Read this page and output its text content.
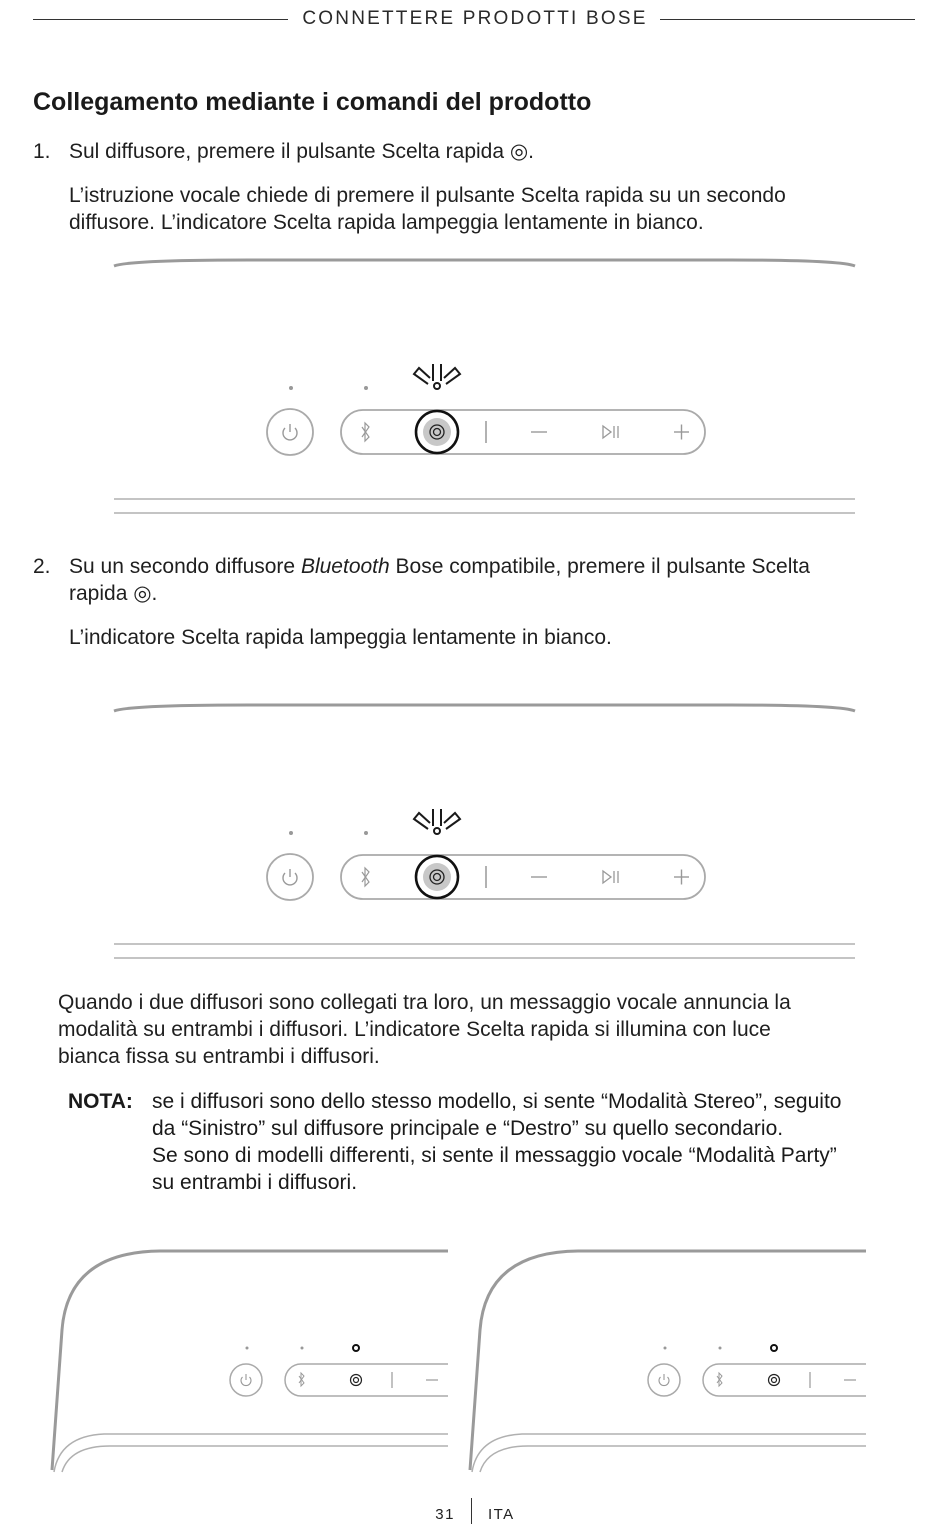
CONNETTERE PRODOTTI BOSE
Collegamento mediante i comandi del prodotto
1. Sul diffusore, premere il pulsante Scelta rapida ◎.

L’istruzione vocale chiede di premere il pulsante Scelta rapida su un secondo

diffusore. L’indicatore Scelta rapida lampeggia lentamente in bianco.

2. Su un secondo diffusore Bluetooth Bose compatibile, premere il pulsante Scelta

rapida ◎.

L’indicatore Scelta rapida lampeggia lentamente in bianco.

Quando i due diffusori sono collegati tra loro, un messaggio vocale annuncia la

modalità su entrambi i diffusori. L’indicatore Scelta rapida si illumina con luce

bianca fissa su entrambi i diffusori.

NOTA: se i diffusori sono dello stesso modello, si sente “Modalità Stereo”, seguito
da “Sinistro” sul diffusore principale e “Destro” su quello secondario.
Se sono di modelli differenti, si sente il messaggio vocale “Modalità Party”
su entrambi i diffusori.
31 ITA
